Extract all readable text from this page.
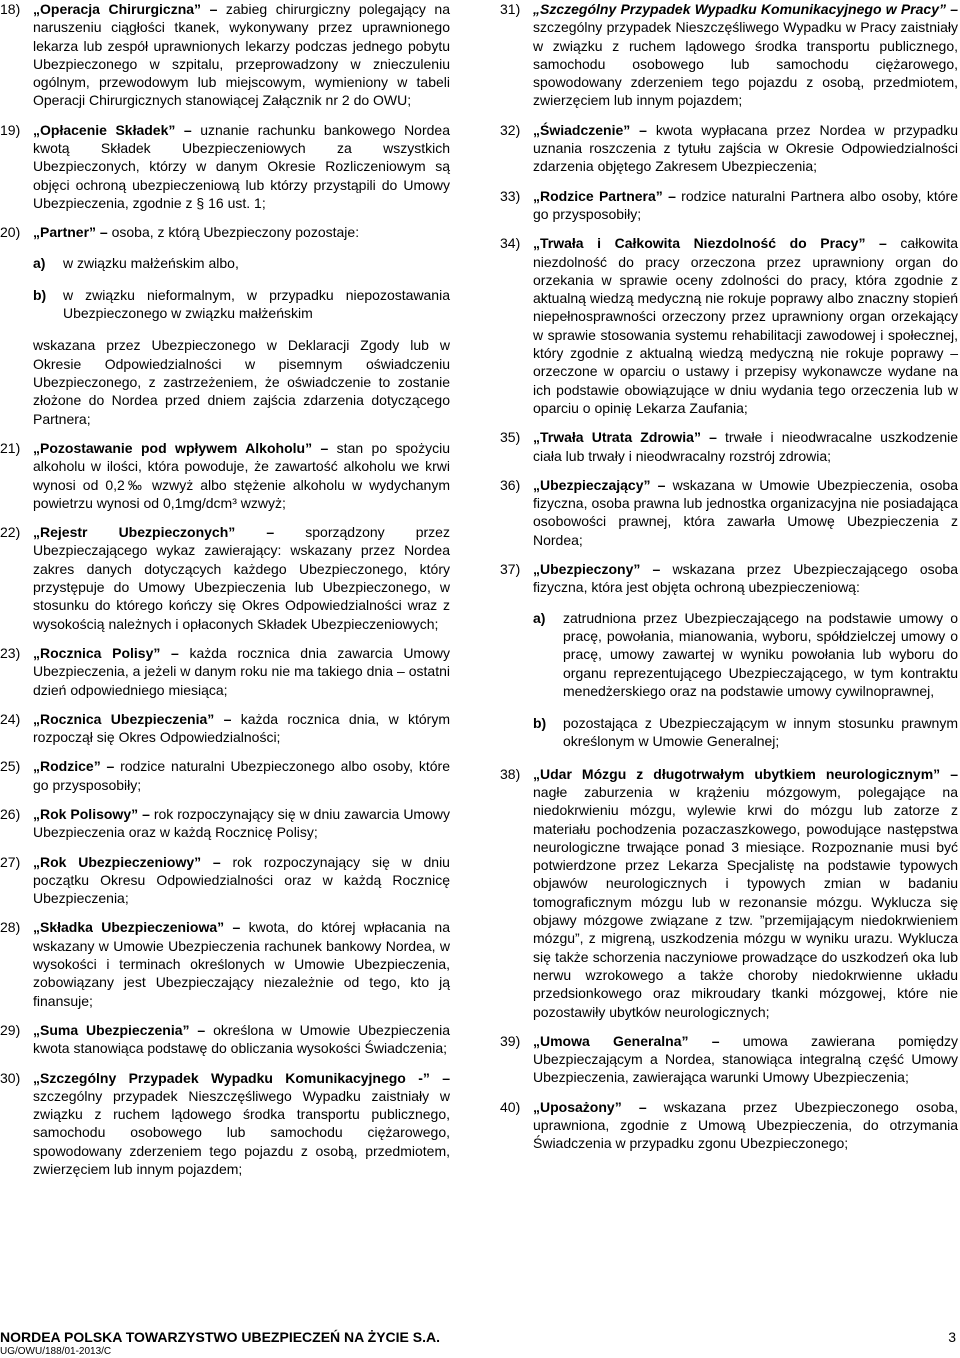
18) „Operacja Chirurgiczna” – zabieg chirurgiczny polegający na naruszeniu ciągłości tkanek, wykonywany przez uprawnionego lekarza lub zespół uprawnionych lekarzy podczas jednego pobytu Ubezpieczonego w szpitalu, przeprowadzony w znieczuleniu ogólnym, przewodowym lub miejscowym, wymieniony w tabeli Operacji Chirurgicznych stanowiącej Załącznik nr 2 do OWU;

19) „Opłacenie Składek” – uznanie rachunku bankowego Nordea kwotą Składek Ubezpieczeniowych za wszystkich Ubezpieczonych, którzy w danym Okresie Rozliczeniowym są objęci ochroną ubezpieczeniową lub którzy przystąpili do Umowy Ubezpieczenia, zgodnie z § 16 ust. 1;

20) „Partner” – osoba, z którą Ubezpieczony pozostaje:

a) w związku małżeńskim albo,
b) w związku nieformalnym, w przypadku niepozostawania Ubezpieczonego w związku małżeńskim

wskazana przez Ubezpieczonego w Deklaracji Zgody lub w Okresie Odpowiedzialności w pisemnym oświadczeniu Ubezpieczonego, z zastrzeżeniem, że oświadczenie to zostanie złożone do Nordea przed dniem zajścia zdarzenia dotyczącego Partnera;

21) „Pozostawanie pod wpływem Alkoholu” – stan po spożyciu alkoholu w ilości, która powoduje, że zawartość alkoholu we krwi wynosi od 0,2‰ wzwyż albo stężenie alkoholu w wydychanym powietrzu wynosi od 0,1mg/dcm³ wzwyż;

22) „Rejestr Ubezpieczonych” – sporządzony przez Ubezpieczającego wykaz zawierający: wskazany przez Nordea zakres danych dotyczących każdego Ubezpieczonego, który przystępuje do Umowy Ubezpieczenia lub Ubezpieczonego, w stosunku do którego kończy się Okres Odpowiedzialności wraz z wysokością należnych i opłaconych Składek Ubezpieczeniowych;

23) „Rocznica Polisy” – każda rocznica dnia zawarcia Umowy Ubezpieczenia, a jeżeli w danym roku nie ma takiego dnia – ostatni dzień odpowiedniego miesiąca;

24) „Rocznica Ubezpieczenia” – każda rocznica dnia, w którym rozpoczął się Okres Odpowiedzialności;

25) „Rodzice” – rodzice naturalni Ubezpieczonego albo osoby, które go przysposobiły;

26) „Rok Polisowy” – rok rozpoczynający się w dniu zawarcia Umowy Ubezpieczenia oraz w każdą Rocznicę Polisy;

27) „Rok Ubezpieczeniowy” – rok rozpoczynający się w dniu początku Okresu Odpowiedzialności oraz w każdą Rocznicę Ubezpieczenia;

28) „Składka Ubezpieczeniowa” – kwota, do której wpłacania na wskazany w Umowie Ubezpieczenia rachunek bankowy Nordea, w wysokości i terminach określonych w Umowie Ubezpieczenia, zobowiązany jest Ubezpieczający niezależnie od tego, kto ją finansuje;

29) „Suma Ubezpieczenia” – określona w Umowie Ubezpieczenia kwota stanowiąca podstawę do obliczania wysokości Świadczenia;

30) „Szczególny Przypadek Wypadku Komunikacyjnego -” – szczególny przypadek Nieszczęśliwego Wypadku zaistniały w związku z ruchem lądowego środka transportu publicznego, samochodu osobowego lub samochodu ciężarowego, spowodowany zderzeniem tego pojazdu z osobą, przedmiotem, zwierzęciem lub innym pojazdem;

31) „Szczególny Przypadek Wypadku Komunikacyjnego w Pracy” – szczególny przypadek Nieszczęśliwego Wypadku w Pracy zaistniały w związku z ruchem lądowego środka transportu publicznego, samochodu osobowego lub samochodu ciężarowego, spowodowany zderzeniem tego pojazdu z osobą, przedmiotem, zwierzęciem lub innym pojazdem;

32) „Świadczenie” – kwota wypłacana przez Nordea w przypadku uznania roszczenia z tytułu zajścia w Okresie Odpowiedzialności zdarzenia objętego Zakresem Ubezpieczenia;

33) „Rodzice Partnera” – rodzice naturalni Partnera albo osoby, które go przysposobiły;

34) „Trwała i Całkowita Niezdolność do Pracy” – całkowita niezdolność do pracy orzeczona przez uprawniony organ do orzekania w sprawie oceny zdolności do pracy, która zgodnie z aktualną wiedzą medyczną nie rokuje poprawy albo znaczny stopień niepełnosprawności orzeczony przez uprawniony organ orzekający w sprawie stosowania systemu rehabilitacji zawodowej i społecznej, który zgodnie z aktualną wiedzą medyczną nie rokuje poprawy – orzeczone w oparciu o ustawy i przepisy wykonawcze wydane na ich podstawie obowiązujące w dniu wydania tego orzeczenia lub w oparciu o opinię Lekarza Zaufania;

35) „Trwała Utrata Zdrowia” – trwałe i nieodwracalne uszkodzenie ciała lub trwały i nieodwracalny rozstrój zdrowia;

36) „Ubezpieczający” – wskazana w Umowie Ubezpieczenia, osoba fizyczna, osoba prawna lub jednostka organizacyjna nie posiadająca osobowości prawnej, która zawarła Umowę Ubezpieczenia z Nordea;

37) „Ubezpieczony” – wskazana przez Ubezpieczającego osoba fizyczna, która jest objęta ochroną ubezpieczeniową:

a) zatrudniona przez Ubezpieczającego na podstawie umowy o pracę, powołania, mianowania, wyboru, spółdzielczej umowy o pracę, umowy zawartej w wyniku powołania lub wyboru do organu reprezentującego Ubezpieczającego, w tym kontraktu menedżerskiego oraz na podstawie umowy cywilnoprawnej,
b) pozostająca z Ubezpieczającym w innym stosunku prawnym określonym w Umowie Generalnej;
38) „Udar Mózgu z długotrwałym ubytkiem neurologicznym” – nagłe zaburzenia w krążeniu mózgowym, polegające na niedokrwieniu mózgu, wylewie krwi do mózgu lub zatorze z materiału pochodzenia pozaczaszkowego, powodujące następstwa neurologiczne trwające ponad 3 miesiące. Rozpoznanie musi być potwierdzone przez Lekarza Specjalistę na podstawie typowych objawów neurologicznych i typowych zmian w badaniu tomograficznym mózgu lub w rezonansie mózgu. Wyklucza się objawy mózgowe związane z tzw. ”przemijającym niedokrwieniem mózgu”, z migreną, uszkodzenia mózgu w wyniku urazu. Wyklucza się także schorzenia naczyniowe prowadzące do uszkodzeń oka lub nerwu wzrokowego a także choroby niedokrwienne układu przedsionkowego oraz mikroudary tkanki mózgowej, które nie pozostawiły ubytków neurologicznych;

39) „Umowa Generalna” – umowa zawierana pomiędzy Ubezpieczającym a Nordea, stanowiąca integralną część Umowy Ubezpieczenia, zawierająca warunki Umowy Ubezpieczenia;

40) „Uposażony” – wskazana przez Ubezpieczonego osoba, uprawniona, zgodnie z Umową Ubezpieczenia, do otrzymania Świadczenia w przypadku zgonu Ubezpieczonego;

NORDEA POLSKA TOWARZYSTWO UBEZPIECZEŃ NA ŻYCIE S.A.
UG/OWU/188/01-2013/C
3
